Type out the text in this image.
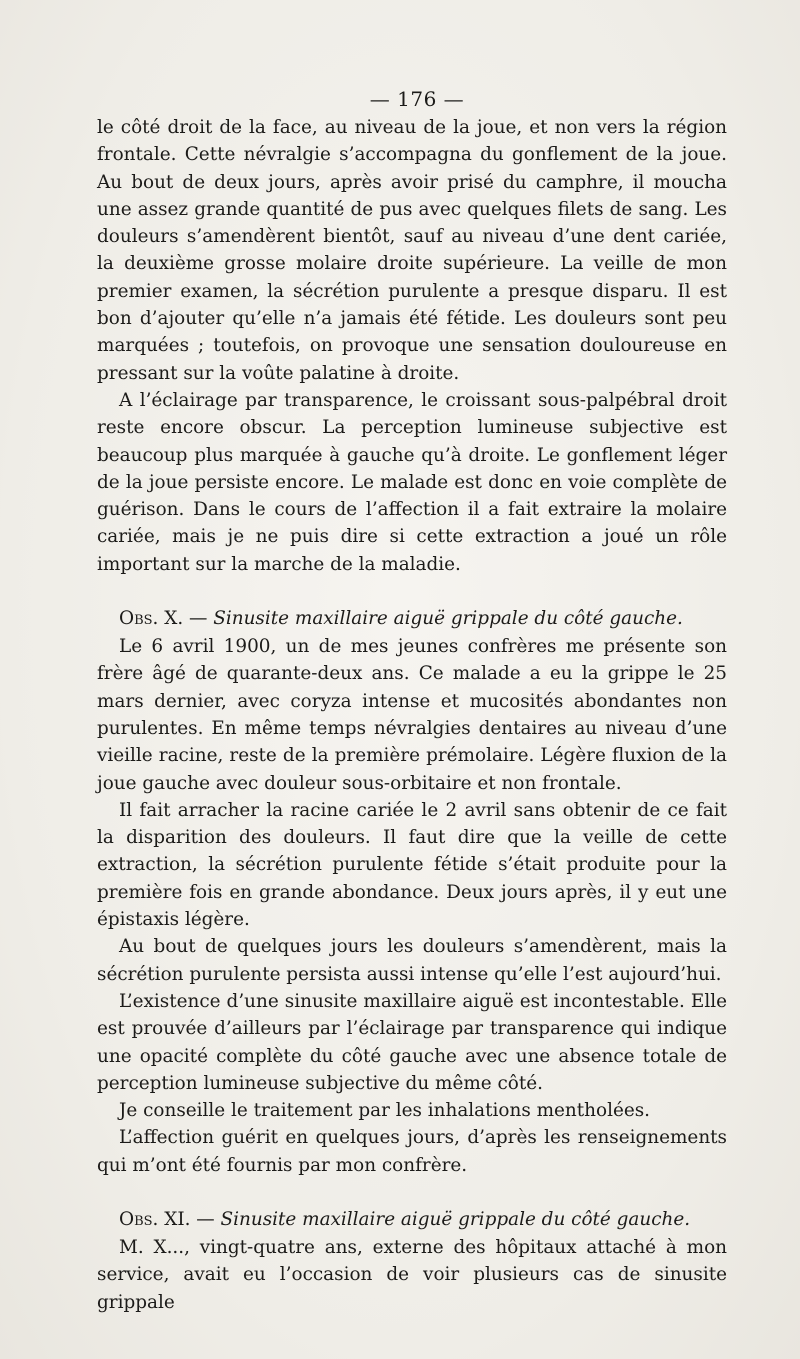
— 176 —

le côté droit de la face, au niveau de la joue, et non vers la région frontale. Cette névralgie s’accompagna du gonflement de la joue. Au bout de deux jours, après avoir prisé du camphre, il moucha une assez grande quantité de pus avec quelques filets de sang. Les douleurs s’amendèrent bientôt, sauf au niveau d’une dent cariée, la deuxième grosse molaire droite supérieure. La veille de mon premier examen, la sécrétion purulente a presque disparu. Il est bon d’ajouter qu’elle n’a jamais été fétide. Les douleurs sont peu marquées ; toutefois, on provoque une sensation douloureuse en pressant sur la voûte palatine à droite.

A l’éclairage par transparence, le croissant sous-palpébral droit reste encore obscur. La perception lumineuse subjective est beaucoup plus marquée à gauche qu’à droite. Le gonflement léger de la joue persiste encore. Le malade est donc en voie complète de guérison. Dans le cours de l’affection il a fait extraire la molaire cariée, mais je ne puis dire si cette extraction a joué un rôle important sur la marche de la maladie.

Obs. X. — Sinusite maxillaire aiguë grippale du côté gauche.

Le 6 avril 1900, un de mes jeunes confrères me présente son frère âgé de quarante-deux ans. Ce malade a eu la grippe le 25 mars dernier, avec coryza intense et mucosités abondantes non purulentes. En même temps névralgies dentaires au niveau d’une vieille racine, reste de la première prémolaire. Légère fluxion de la joue gauche avec douleur sous-orbitaire et non frontale.

Il fait arracher la racine cariée le 2 avril sans obtenir de ce fait la disparition des douleurs. Il faut dire que la veille de cette extraction, la sécrétion purulente fétide s’était produite pour la première fois en grande abondance. Deux jours après, il y eut une épistaxis légère.

Au bout de quelques jours les douleurs s’amendèrent, mais la sécrétion purulente persista aussi intense qu’elle l’est aujourd’hui.

L’existence d’une sinusite maxillaire aiguë est incontestable. Elle est prouvée d’ailleurs par l’éclairage par transparence qui indique une opacité complète du côté gauche avec une absence totale de perception lumineuse subjective du même côté.

Je conseille le traitement par les inhalations mentholées.

L’affection guérit en quelques jours, d’après les renseignements qui m’ont été fournis par mon confrère.

Obs. XI. — Sinusite maxillaire aiguë grippale du côté gauche.

M. X..., vingt-quatre ans, externe des hôpitaux attaché à mon service, avait eu l’occasion de voir plusieurs cas de sinusite grippale
